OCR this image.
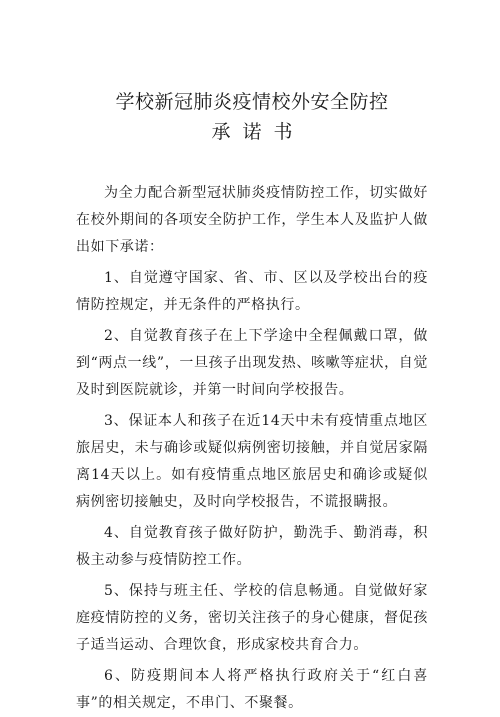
学校新冠肺炎疫情校外安全防控
承诺书

为全力配合新型冠状肺炎疫情防控工作，切实做好在校外期间的各项安全防护工作，学生本人及监护人做出如下承诺：

1、自觉遵守国家、省、市、区以及学校出台的疫情防控规定，并无条件的严格执行。

2、自觉教育孩子在上下学途中全程佩戴口罩，做到“两点一线”，一旦孩子出现发热、咳嗽等症状，自觉及时到医院就诊，并第一时间向学校报告。

3、保证本人和孩子在近14天中未有疫情重点地区旅居史，未与确诊或疑似病例密切接触，并自觉居家隔离14天以上。如有疫情重点地区旅居史和确诊或疑似病例密切接触史，及时向学校报告，不谎报瞒报。

4、自觉教育孩子做好防护，勤洗手、勤消毒，积极主动参与疫情防控工作。

5、保持与班主任、学校的信息畅通。自觉做好家庭疫情防控的义务，密切关注孩子的身心健康，督促孩子适当运动、合理饮食，形成家校共育合力。

6、防疫期间本人将严格执行政府关于“红白喜事”的相关规定，不串门、不聚餐。
